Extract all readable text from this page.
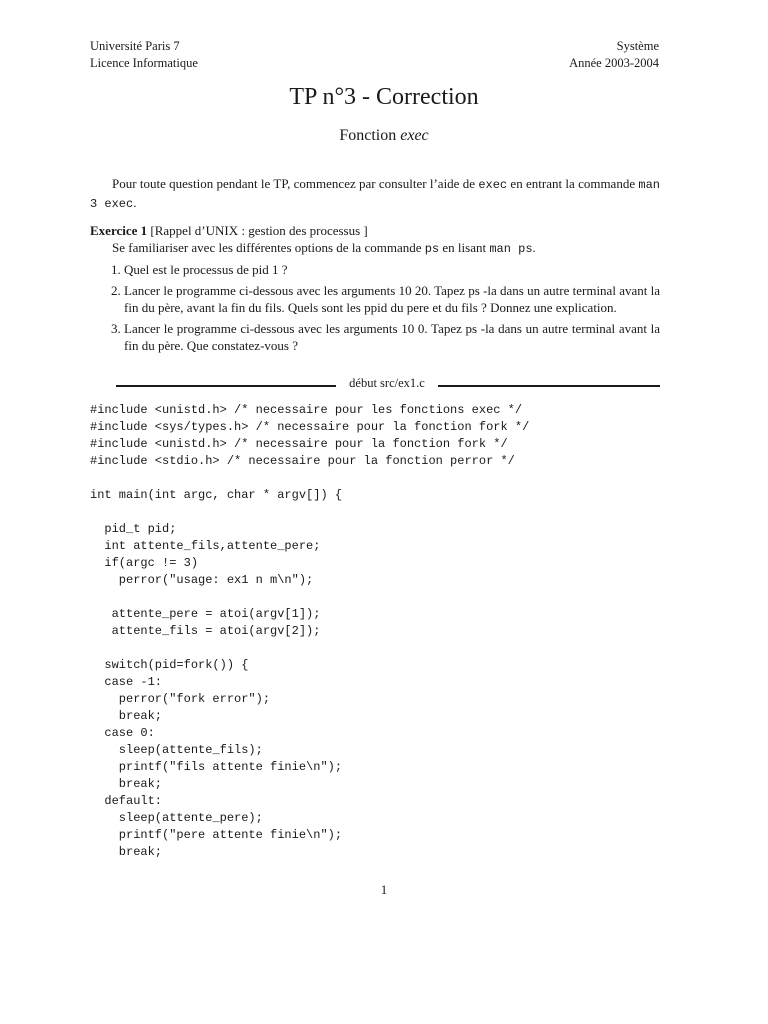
Université Paris 7
Licence Informatique
Système
Année 2003-2004
TP n°3 - Correction
Fonction exec

Pour toute question pendant le TP, commencez par consulter l’aide de exec en entrant la commande man 3 exec.

Exercice 1 [Rappel d’UNIX : gestion des processus ]
Se familiariser avec les différentes options de la commande ps en lisant man ps.
1. Quel est le processus de pid 1 ?
2. Lancer le programme ci-dessous avec les arguments 10 20. Tapez ps -la dans un autre terminal avant la fin du père, avant la fin du fils. Quels sont les ppid du pere et du fils ? Donnez une explication.
3. Lancer le programme ci-dessous avec les arguments 10 0. Tapez ps -la dans un autre terminal avant la fin du père. Que constatez-vous ?
début src/ex1.c
#include <unistd.h> /* necessaire pour les fonctions exec */
#include <sys/types.h> /* necessaire pour la fonction fork */
#include <unistd.h> /* necessaire pour la fonction fork */
#include <stdio.h> /* necessaire pour la fonction perror */

int main(int argc, char * argv[]) {

pid_t pid;
int attente_fils,attente_pere;
if(argc != 3)
perror("usage: ex1 n m\n");

attente_pere = atoi(argv[1]);
attente_fils = atoi(argv[2]);

switch(pid=fork()) {
case -1:
perror("fork error");
break;
case 0:
sleep(attente_fils);
printf("fils attente finie\n");
break;
default:
sleep(attente_pere);
printf("pere attente finie\n");
break;
1
